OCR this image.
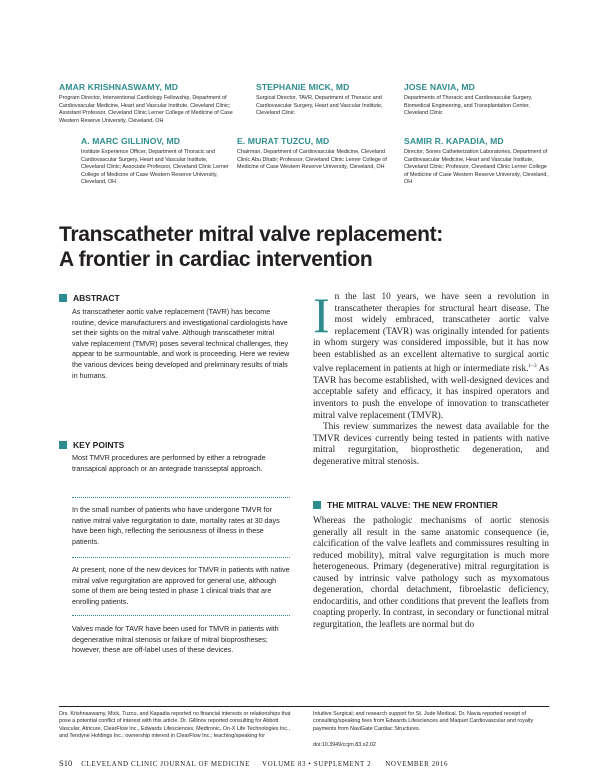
AMAR KRISHNASWAMY, MD
Program Director, Interventional Cardiology Fellowship, Department of Cardiovascular Medicine, Heart and Vascular Institute, Cleveland Clinic; Assistant Professor, Cleveland Clinic Lerner College of Medicine of Case Western Reserve University, Cleveland, OH
STEPHANIE MICK, MD
Surgical Director, TAVR, Department of Thoracic and Cardiovascular Surgery, Heart and Vascular Institute, Cleveland Clinic
JOSE NAVIA, MD
Departments of Thoracic and Cardiovascular Surgery, Biomedical Engineering, and Transplantation Center, Cleveland Clinic
A. MARC GILLINOV, MD
Institute Experience Officer, Department of Thoracic and Cardiovascular Surgery, Heart and Vascular Institute, Cleveland Clinic; Associate Professor, Cleveland Clinic Lerner College of Medicine of Case Western Reserve University, Cleveland, OH
E. MURAT TUZCU, MD
Chairman, Department of Cardiovascular Medicine, Cleveland Clinic Abu Dhabi; Professor, Cleveland Clinic Lerner College of Medicine of Case Western Reserve University, Cleveland, OH
SAMIR R. KAPADIA, MD
Director, Sones Catheterization Laboratories, Department of Cardiovascular Medicine, Heart and Vascular Institute, Cleveland Clinic; Professor, Cleveland Clinic Lerner College of Medicine of Case Western Reserve University, Cleveland, OH
Transcatheter mitral valve replacement:
A frontier in cardiac intervention
ABSTRACT
As transcatheter aortic valve replacement (TAVR) has become routine, device manufacturers and investigational cardiologists have set their sights on the mitral valve. Although transcatheter mitral valve replacement (TMVR) poses several technical challenges, they appear to be surmountable, and work is proceeding. Here we review the various devices being developed and preliminary results of trials in humans.
KEY POINTS
Most TMVR procedures are performed by either a retrograde transapical approach or an antegrade transseptal approach.
In the small number of patients who have undergone TMVR for native mitral valve regurgitation to date, mortality rates at 30 days have been high, reflecting the seriousness of illness in these patients.
At present, none of the new devices for TMVR in patients with native mitral valve regurgitation are approved for general use, although some of them are being tested in phase 1 clinical trials that are enrolling patients.
Valves made for TAVR have been used for TMVR in patients with degenerative mitral stenosis or failure of mitral bioprostheses; however, these are off-label uses of these devices.
I n the last 10 years, we have seen a revolution in transcatheter therapies for structural heart disease. The most widely embraced, transcatheter aortic valve replacement (TAVR) was originally intended for patients in whom surgery was considered impossible, but it has now been established as an excellent alternative to surgical aortic valve replacement in patients at high or intermediate risk.$^{1-3}$ As TAVR has become established, with well-designed devices and acceptable safety and efficacy, it has inspired operators and inventors to push the envelope of innovation to transcatheter mitral valve replacement (TMVR).

This review summarizes the newest data available for the TMVR devices currently being tested in patients with native mitral regurgitation, bioprosthetic degeneration, and degenerative mitral stenosis.

THE MITRAL VALVE: THE NEW FRONTIER
Whereas the pathologic mechanisms of aortic stenosis generally all result in the same anatomic consequence (ie, calcification of the valve leaflets and commissures resulting in reduced mobility), mitral valve regurgitation is much more heterogeneous. Primary (degenerative) mitral regurgitation is caused by intrinsic valve pathology such as myxomatous degeneration, chordal detachment, fibroelastic deficiency, endocarditis, and other conditions that prevent the leaflets from coapting properly. In contrast, in secondary or functional mitral regurgitation, the leaflets are normal but do
Drs. Krishnaswamy, Mick, Tuzcu, and Kapadia reported no financial interests or relationships that pose a potential conflict of interest with this article. Dr. Gillinov reported consulting for Abbott Vascular, Atricure, ClearFlow Inc., Edwards Lifesciences, Medtronic, On-X Life Technologies Inc., and Tendyne Holdings Inc.; ownership interest in ClearFlow Inc.; teaching/speaking for
Intuitive Surgical; and research support for St. Jude Medical. Dr. Navia reported receipt of consulting/speaking fees from Edwards Lifesciences and Maquet Cardiovascular and royalty payments from NaviGate Cardiac Structures.
doi:10.3949/ccjm.83.s2.02
S10 CLEVELAND CLINIC JOURNAL OF MEDICINE VOLUME 83 • SUPPLEMENT 2 NOVEMBER 2016
